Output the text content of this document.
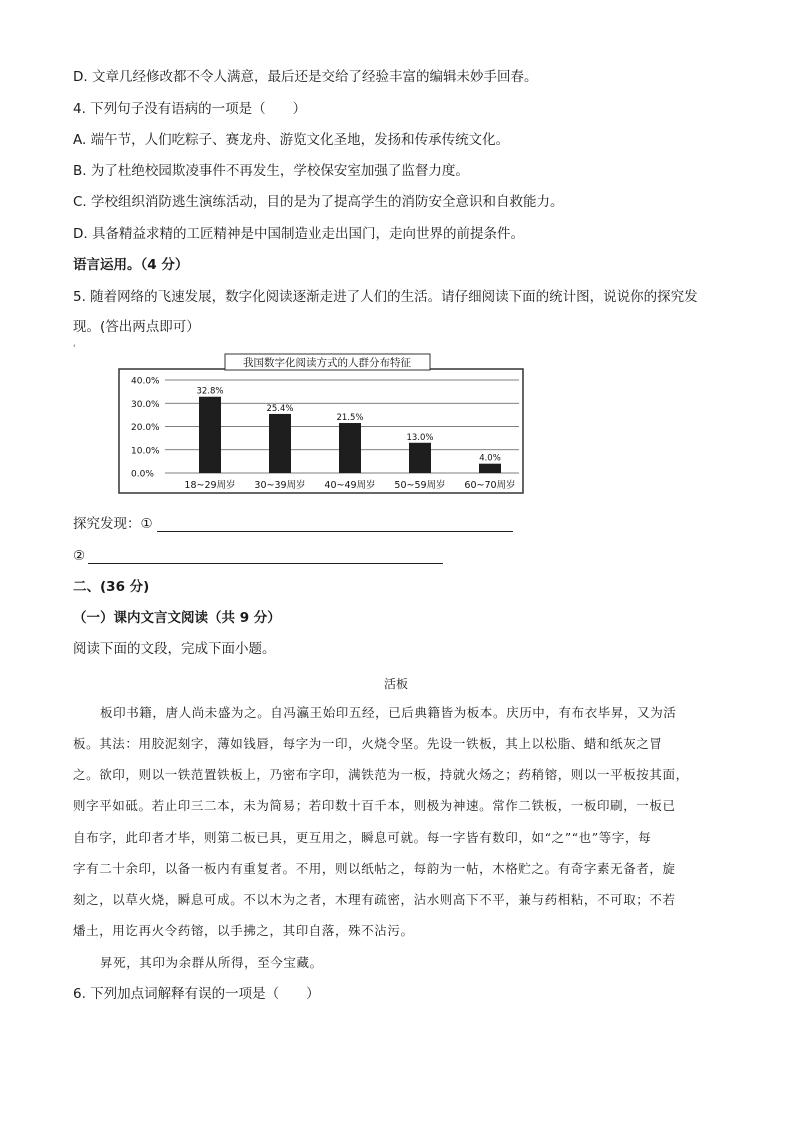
D. 文章几经修改都不令人满意，最后还是交给了经验丰富的编辑未妙手回春。
4. 下列句子没有语病的一项是（　　）
A. 端午节，人们吃粽子、赛龙舟、游览文化圣地，发扬和传承传统文化。
B. 为了杜绝校园欺凌事件不再发生，学校保安室加强了监督力度。
C. 学校组织消防逃生演练活动，目的是为了提高学生的消防安全意识和自救能力。
D. 具备精益求精的工匠精神是中国制造业走出国门，走向世界的前提条件。
语言运用。（4 分）
5. 随着网络的飞速发展，数字化阅读逐渐走进了人们的生活。请仔细阅读下面的统计图，说说你的探究发
现。(答出两点即可）
'
我国数字化阅读方式的人群分布特征
40.0%
30.0%
20.0%
10.0%
0.0%
32.8%
25.4%
21.5%
13.0%
4.0%
18~29周岁 30~39周岁 40~49周岁 50~59周岁 60~70周岁
探究发现：①
②
二、(36 分)
（一）课内文言文阅读（共 9 分）
阅读下面的文段，完成下面小题。
活板
板印书籍，唐人尚未盛为之。自冯瀛王始印五经，已后典籍皆为板本。庆历中，有布衣毕昇，又为活
板。其法：用胶泥刻字，薄如钱唇，每字为一印，火烧令坚。先设一铁板，其上以松脂、蜡和纸灰之冒
之。欲印，则以一铁范置铁板上，乃密布字印，满铁范为一板，持就火炀之；药稍镕，则以一平板按其面，
则字平如砥。若止印三二本，未为简易；若印数十百千本，则极为神速。常作二铁板，一板印刷，一板已
自布字，此印者才毕，则第二板已具，更互用之，瞬息可就。每一字皆有数印，如“之”“也”等字，每
字有二十余印，以备一板内有重复者。不用，则以纸帖之，每韵为一帖，木格贮之。有奇字素无备者，旋
刻之，以草火烧，瞬息可成。不以木为之者，木理有疏密，沾水则高下不平，兼与药相粘，不可取；不若
燔土，用讫再火令药镕，以手拂之，其印自落，殊不沾污。
昇死，其印为余群从所得，至今宝藏。
6. 下列加点词解释有误的一项是（　　）
